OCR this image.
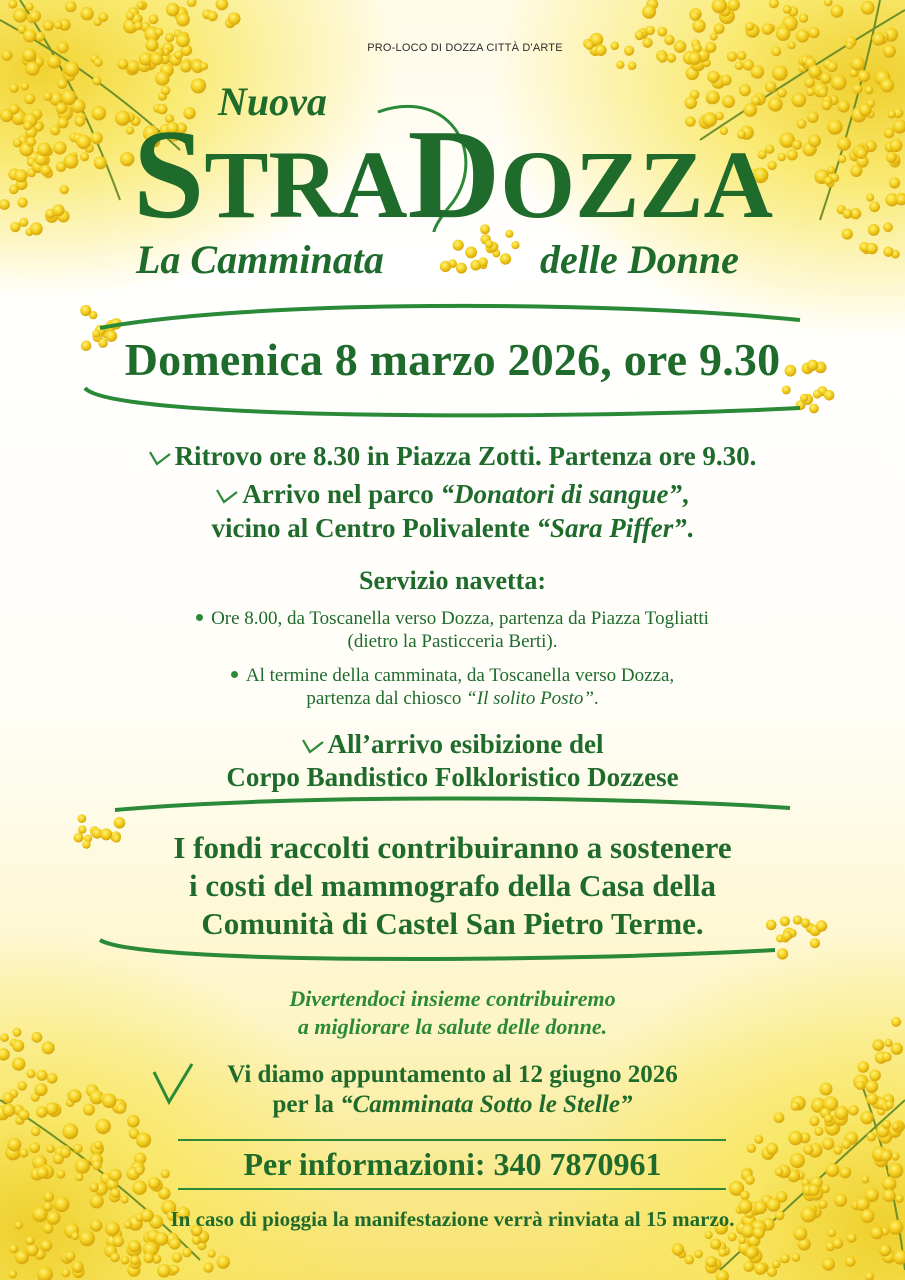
PRO-LOCO DI DOZZA CITTÀ D'ARTE
Nuova
STRADOZZA
La Camminata	delle Donne
Domenica 8 marzo 2026, ore 9.30
Ritrovo ore 8.30 in Piazza Zotti. Partenza ore 9.30.
Arrivo nel parco “Donatori di sangue”,
vicino al Centro Polivalente “Sara Piffer”.
Servizio navetta:
Ore 8.00, da Toscanella verso Dozza, partenza da Piazza Togliatti
(dietro la Pasticceria Berti).
Al termine della camminata, da Toscanella verso Dozza,
partenza dal chiosco “Il solito Posto”.
All’arrivo esibizione del
Corpo Bandistico Folkloristico Dozzese
I fondi raccolti contribuiranno a sostenere
i costi del mammografo della Casa della
Comunità di Castel San Pietro Terme.
Divertendoci insieme contribuiremo
a migliorare la salute delle donne.
Vi diamo appuntamento al 12 giugno 2026
per la “Camminata Sotto le Stelle”
Per informazioni: 340 7870961
In caso di pioggia la manifestazione verrà rinviata al 15 marzo.
